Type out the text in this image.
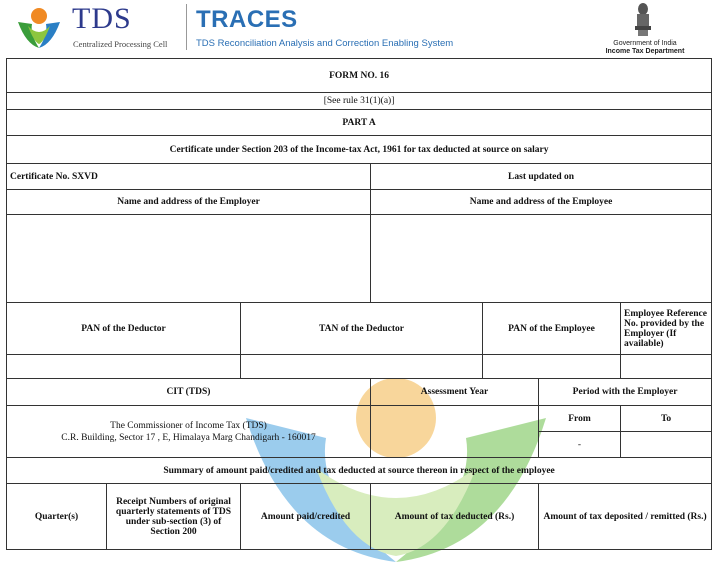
TDS
Centralized Processing Cell
TRACES
TDS Reconciliation Analysis and Correction Enabling System	Government of India
Income Tax Department
FORM NO. 16						
[See rule 31(1)(a)]						
PART A						
Certificate under Section 203 of the Income-tax Act, 1961 for tax deducted at source on salary						
Certificate No. SXVD			Last updated on			
Name and address of the Employer			Name and address of the Employee			

PAN of the Deductor		TAN of the Deductor		PAN of the Employee		Employee Reference No. provided by the Employer (If available)

CIT (TDS)			Assessment Year		Period with the Employer	

The Commissioner of Income Tax (TDS)
C.R. Building, Sector 17 , E, Himalaya Marg Chandigarh - 160017					From	To
					-	
Summary of amount paid/credited and tax deducted at source thereon in respect of the employee						
Quarter(s)	Receipt Numbers of original quarterly statements of TDS under sub-section (3) of Section 200	Amount paid/credited	Amount of tax deducted (Rs.)		Amount of tax deposited / remitted (Rs.)	
